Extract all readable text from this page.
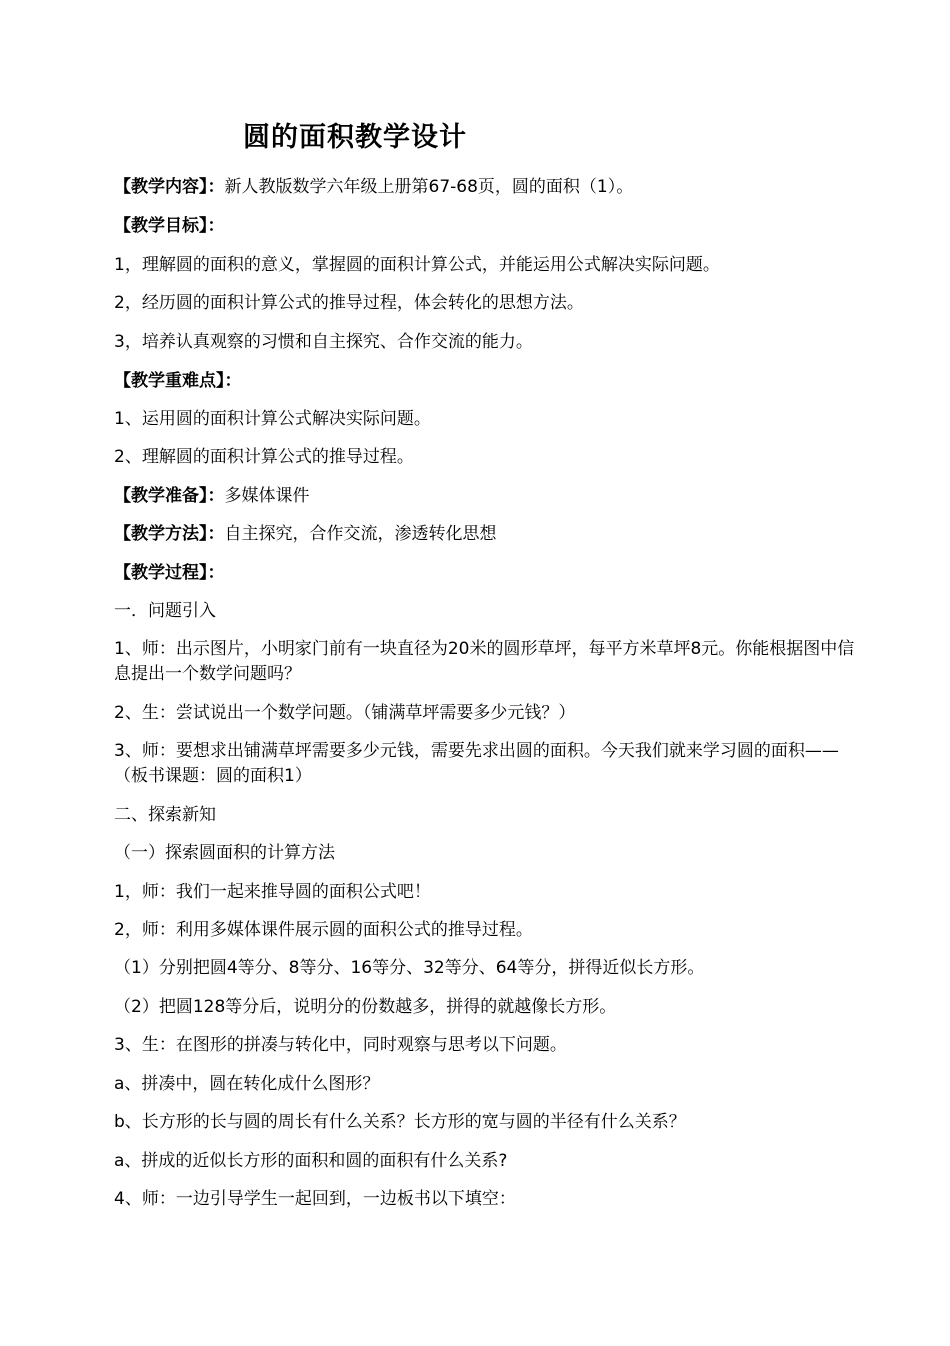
圆的面积教学设计
【教学内容】：新人教版数学六年级上册第67-68页，圆的面积（1）。
【教学目标】：
1，理解圆的面积的意义，掌握圆的面积计算公式，并能运用公式解决实际问题。
2，经历圆的面积计算公式的推导过程，体会转化的思想方法。
3，培养认真观察的习惯和自主探究、合作交流的能力。
【教学重难点】：
1、运用圆的面积计算公式解决实际问题。
2、理解圆的面积计算公式的推导过程。
【教学准备】：多媒体课件
【教学方法】：自主探究，合作交流，渗透转化思想
【教学过程】：
一．问题引入
1、师：出示图片，小明家门前有一块直径为20米的圆形草坪，每平方米草坪8元。你能根据图中信息提出一个数学问题吗？
2、生：尝试说出一个数学问题。（铺满草坪需要多少元钱？）
3、师：要想求出铺满草坪需要多少元钱，需要先求出圆的面积。今天我们就来学习圆的面积——（板书课题：圆的面积1）
二、探索新知
（一）探索圆面积的计算方法
1，师：我们一起来推导圆的面积公式吧！
2，师：利用多媒体课件展示圆的面积公式的推导过程。
（1）分别把圆4等分、8等分、16等分、32等分、64等分，拼得近似长方形。
（2）把圆128等分后，说明分的份数越多，拼得的就越像长方形。
3、生：在图形的拼凑与转化中，同时观察与思考以下问题。
a、拼凑中，圆在转化成什么图形？
b、长方形的长与圆的周长有什么关系？长方形的宽与圆的半径有什么关系？
a、拼成的近似长方形的面积和圆的面积有什么关系?
4、师：一边引导学生一起回到，一边板书以下填空：
